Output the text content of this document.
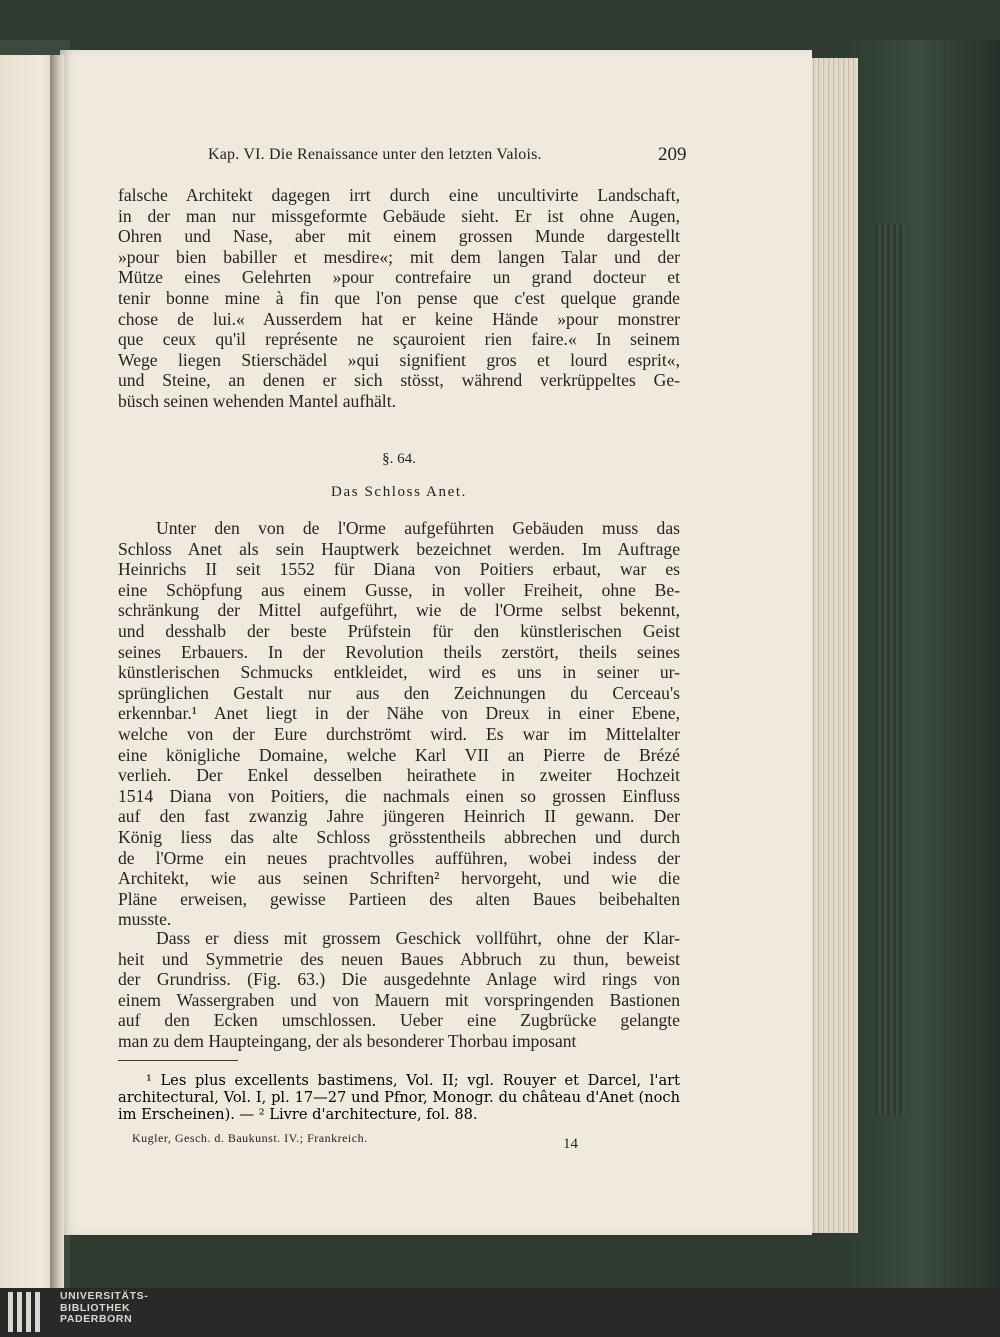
Kap. VI. Die Renaissance unter den letzten Valois.	209
falsche Architekt dagegen irrt durch eine uncultivirte Landschaft,
in der man nur missgeformte Gebäude sieht. Er ist ohne Augen,
Ohren und Nase, aber mit einem grossen Munde dargestellt
»pour bien babiller et mesdire«; mit dem langen Talar und der
Mütze eines Gelehrten »pour contrefaire un grand docteur et
tenir bonne mine à fin que l'on pense que c'est quelque grande
chose de lui.« Ausserdem hat er keine Hände »pour monstrer
que ceux qu'il représente ne sçauroient rien faire.« In seinem
Wege liegen Stierschädel »qui signifient gros et lourd esprit«,
und Steine, an denen er sich stösst, während verkrüppeltes Ge-
büsch seinen wehenden Mantel aufhält.
Unter den von de l'Orme aufgeführten Gebäuden muss das
Schloss Anet als sein Hauptwerk bezeichnet werden. Im Auftrage
Heinrichs II seit 1552 für Diana von Poitiers erbaut, war es
eine Schöpfung aus einem Gusse, in voller Freiheit, ohne Be-
schränkung der Mittel aufgeführt, wie de l'Orme selbst bekennt,
und desshalb der beste Prüfstein für den künstlerischen Geist
seines Erbauers. In der Revolution theils zerstört, theils seines
künstlerischen Schmucks entkleidet, wird es uns in seiner ur-
sprünglichen Gestalt nur aus den Zeichnungen du Cerceau's
erkennbar.¹ Anet liegt in der Nähe von Dreux in einer Ebene,
welche von der Eure durchströmt wird. Es war im Mittelalter
eine königliche Domaine, welche Karl VII an Pierre de Brézé
verlieh. Der Enkel desselben heirathete in zweiter Hochzeit
1514 Diana von Poitiers, die nachmals einen so grossen Einfluss
auf den fast zwanzig Jahre jüngeren Heinrich II gewann. Der
König liess das alte Schloss grösstentheils abbrechen und durch
de l'Orme ein neues prachtvolles aufführen, wobei indess der
Architekt, wie aus seinen Schriften² hervorgeht, und wie die
Pläne erweisen, gewisse Partieen des alten Baues beibehalten
musste.
Dass er diess mit grossem Geschick vollführt, ohne der Klar-
heit und Symmetrie des neuen Baues Abbruch zu thun, beweist
der Grundriss. (Fig. 63.) Die ausgedehnte Anlage wird rings von
einem Wassergraben und von Mauern mit vorspringenden Bastionen
auf den Ecken umschlossen. Ueber eine Zugbrücke gelangte
man zu dem Haupteingang, der als besonderer Thorbau imposant
§. 64.
Das Schloss Anet.
¹ Les plus excellents bastimens, Vol. II; vgl. Rouyer et Darcel, l'art
architectural, Vol. I, pl. 17—27 und Pfnor, Monogr. du château d'Anet (noch
im Erscheinen). — ² Livre d'architecture, fol. 88.
Kugler, Gesch. d. Baukunst. IV.; Frankreich.	14
UNIVERSITÄTS-
BIBLIOTHEK
PADERBORN
